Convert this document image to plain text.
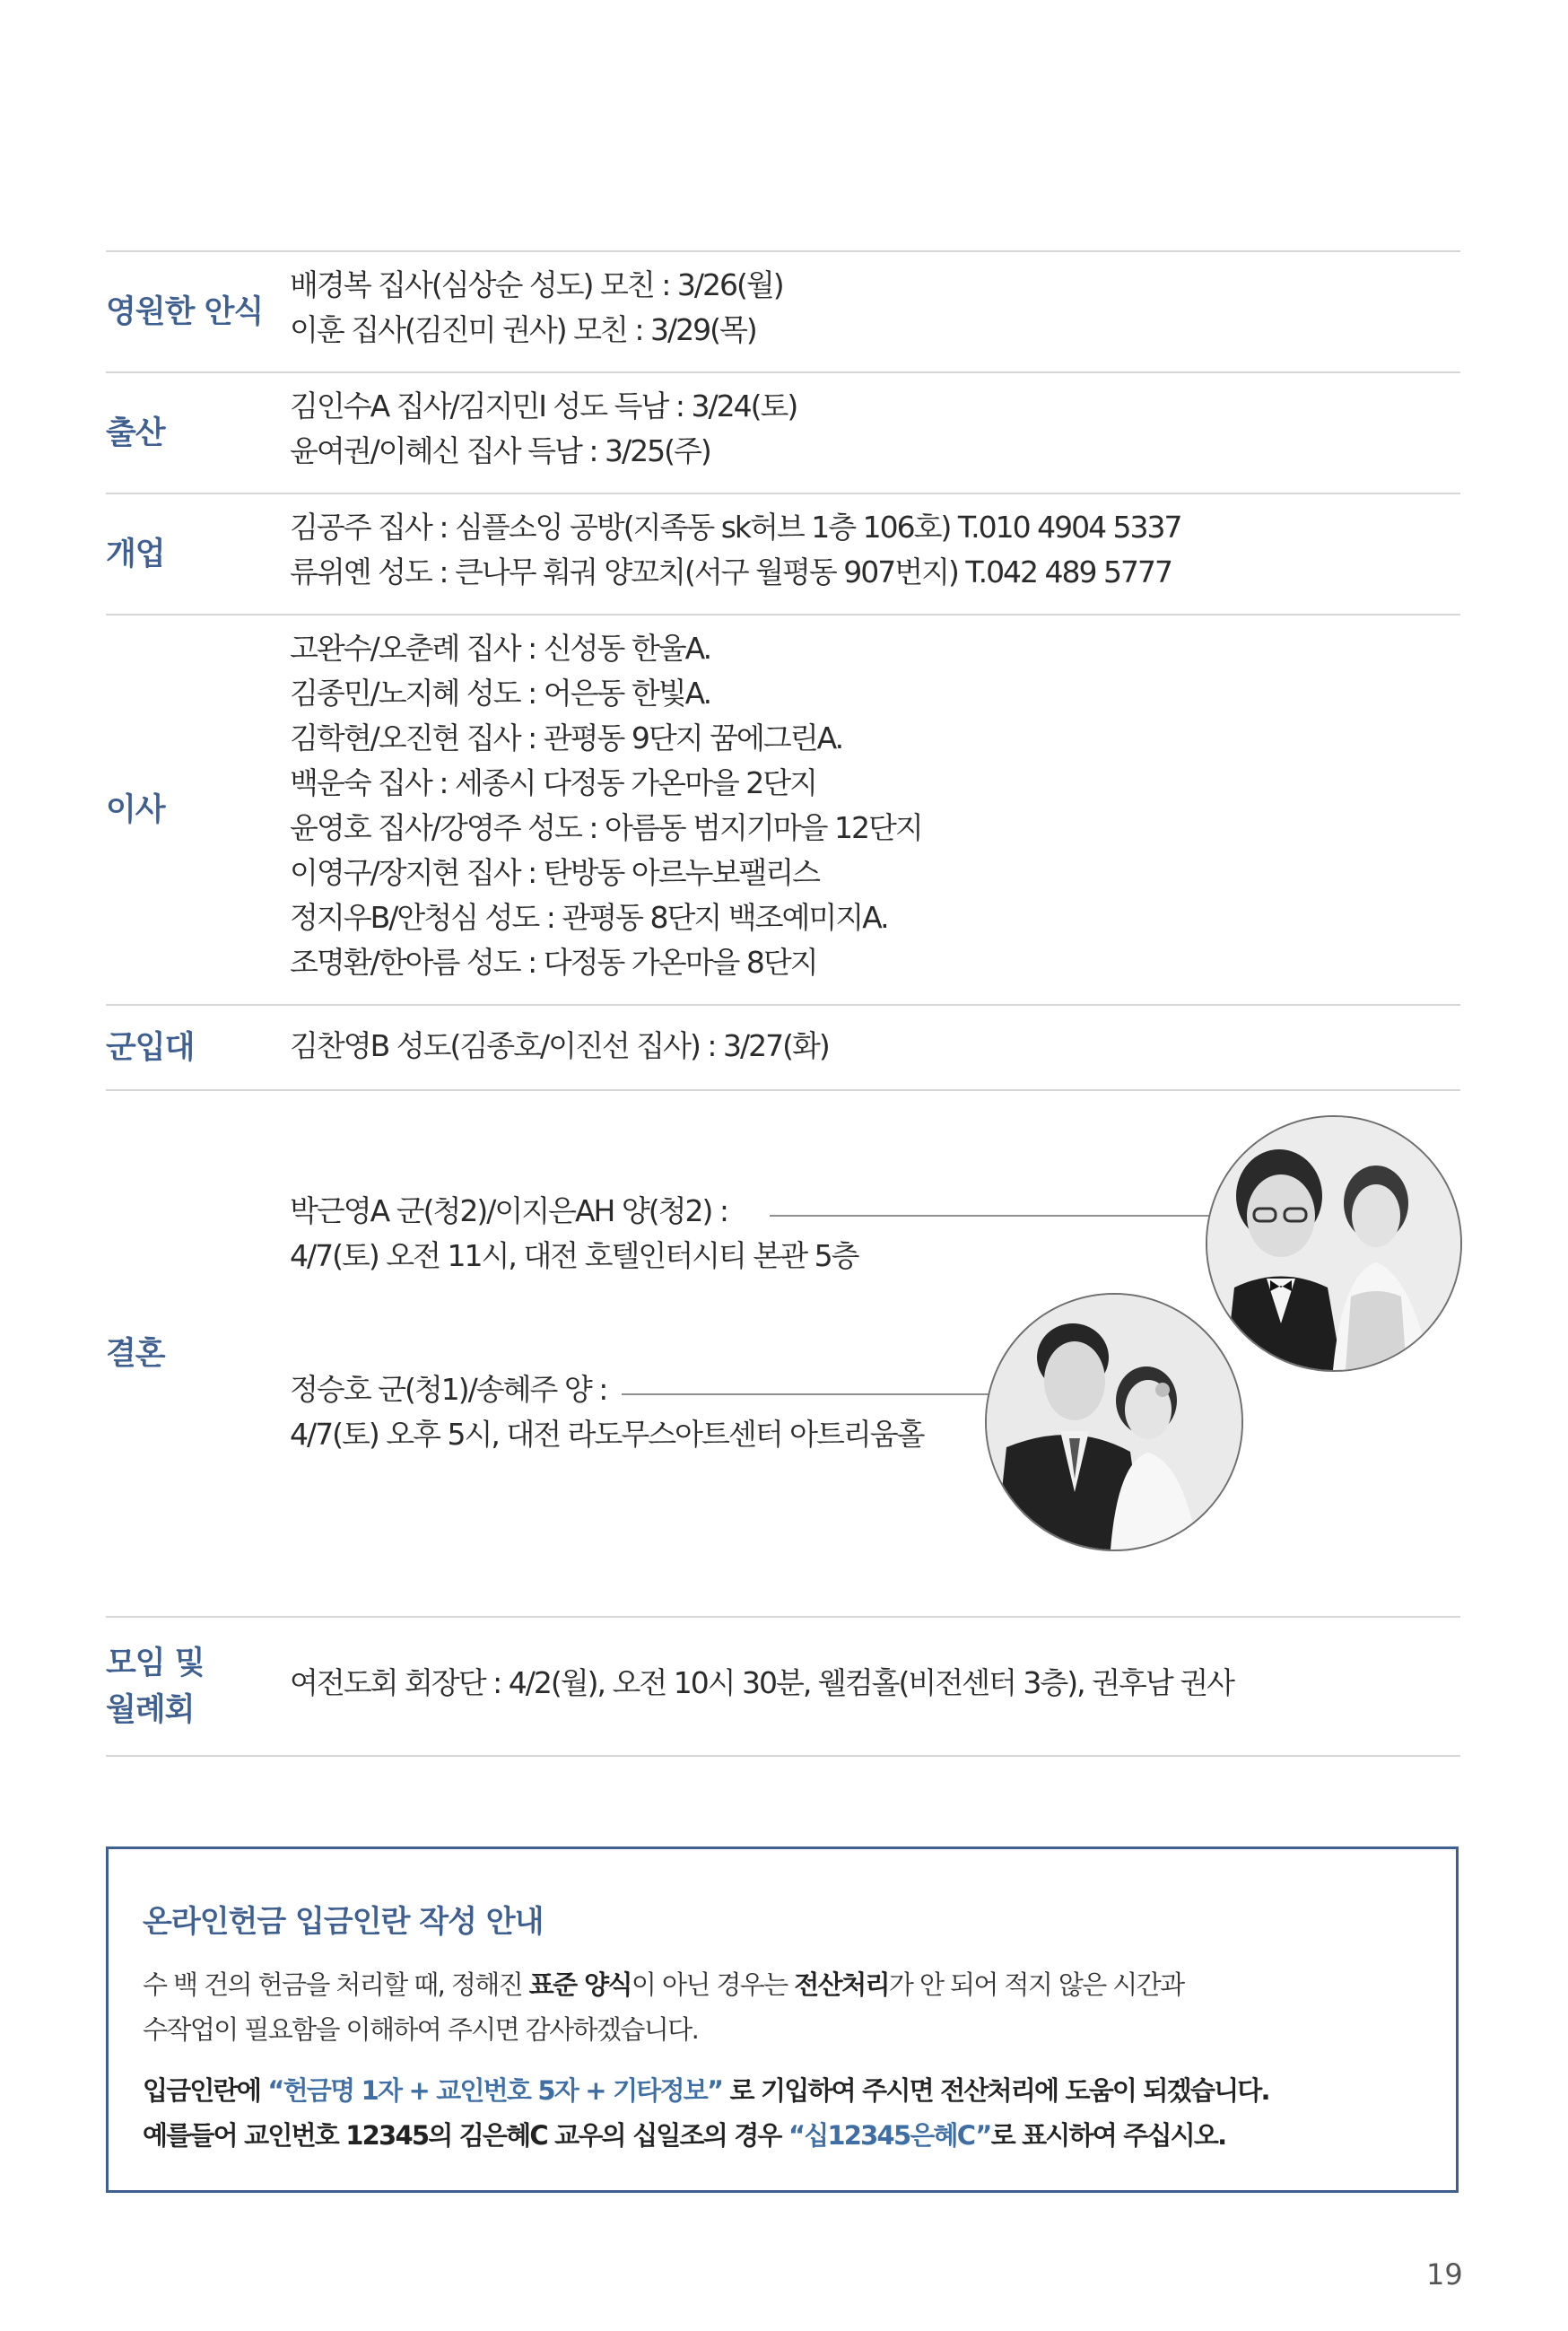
영원한 안식
배경복 집사(심상순 성도) 모친 : 3/26(월)
이훈 집사(김진미 권사) 모친 : 3/29(목)
출산
김인수A 집사/김지민I 성도 득남 : 3/24(토)
윤여권/이혜신 집사 득남 : 3/25(주)
개업
김공주 집사 : 심플소잉 공방(지족동 sk허브 1층 106호) T.010 4904 5337
류위옌 성도 : 큰나무 훠궈 양꼬치(서구 월평동 907번지) T.042 489 5777
이사
고완수/오춘례 집사 : 신성동 한울A.
김종민/노지혜 성도 : 어은동 한빛A.
김학현/오진현 집사 : 관평동 9단지 꿈에그린A.
백운숙 집사 : 세종시 다정동 가온마을 2단지
윤영호 집사/강영주 성도 : 아름동 범지기마을 12단지
이영구/장지현 집사 : 탄방동 아르누보팰리스
정지우B/안청심 성도 : 관평동 8단지 백조예미지A.
조명환/한아름 성도 : 다정동 가온마을 8단지
군입대	김찬영B 성도(김종호/이진선 집사) : 3/27(화)
결혼
박근영A 군(청2)/이지은AH 양(청2) :
4/7(토) 오전 11시, 대전 호텔인터시티 본관 5층
정승호 군(청1)/송혜주 양 :
4/7(토) 오후 5시, 대전 라도무스아트센터 아트리움홀
모임 및
월례회
여전도회 회장단 : 4/2(월), 오전 10시 30분, 웰컴홀(비전센터 3층), 권후남 권사
온라인헌금 입금인란 작성 안내
수 백 건의 헌금을 처리할 때, 정해진 표준 양식이 아닌 경우는 전산처리가 안 되어 적지 않은 시간과
수작업이 필요함을 이해하여 주시면 감사하겠습니다.
입금인란에 “헌금명 1자 + 교인번호 5자 + 기타정보” 로 기입하여 주시면 전산처리에 도움이 되겠습니다.
예를들어 교인번호 12345의 김은혜C 교우의 십일조의 경우 “십12345은혜C”로 표시하여 주십시오.
19
